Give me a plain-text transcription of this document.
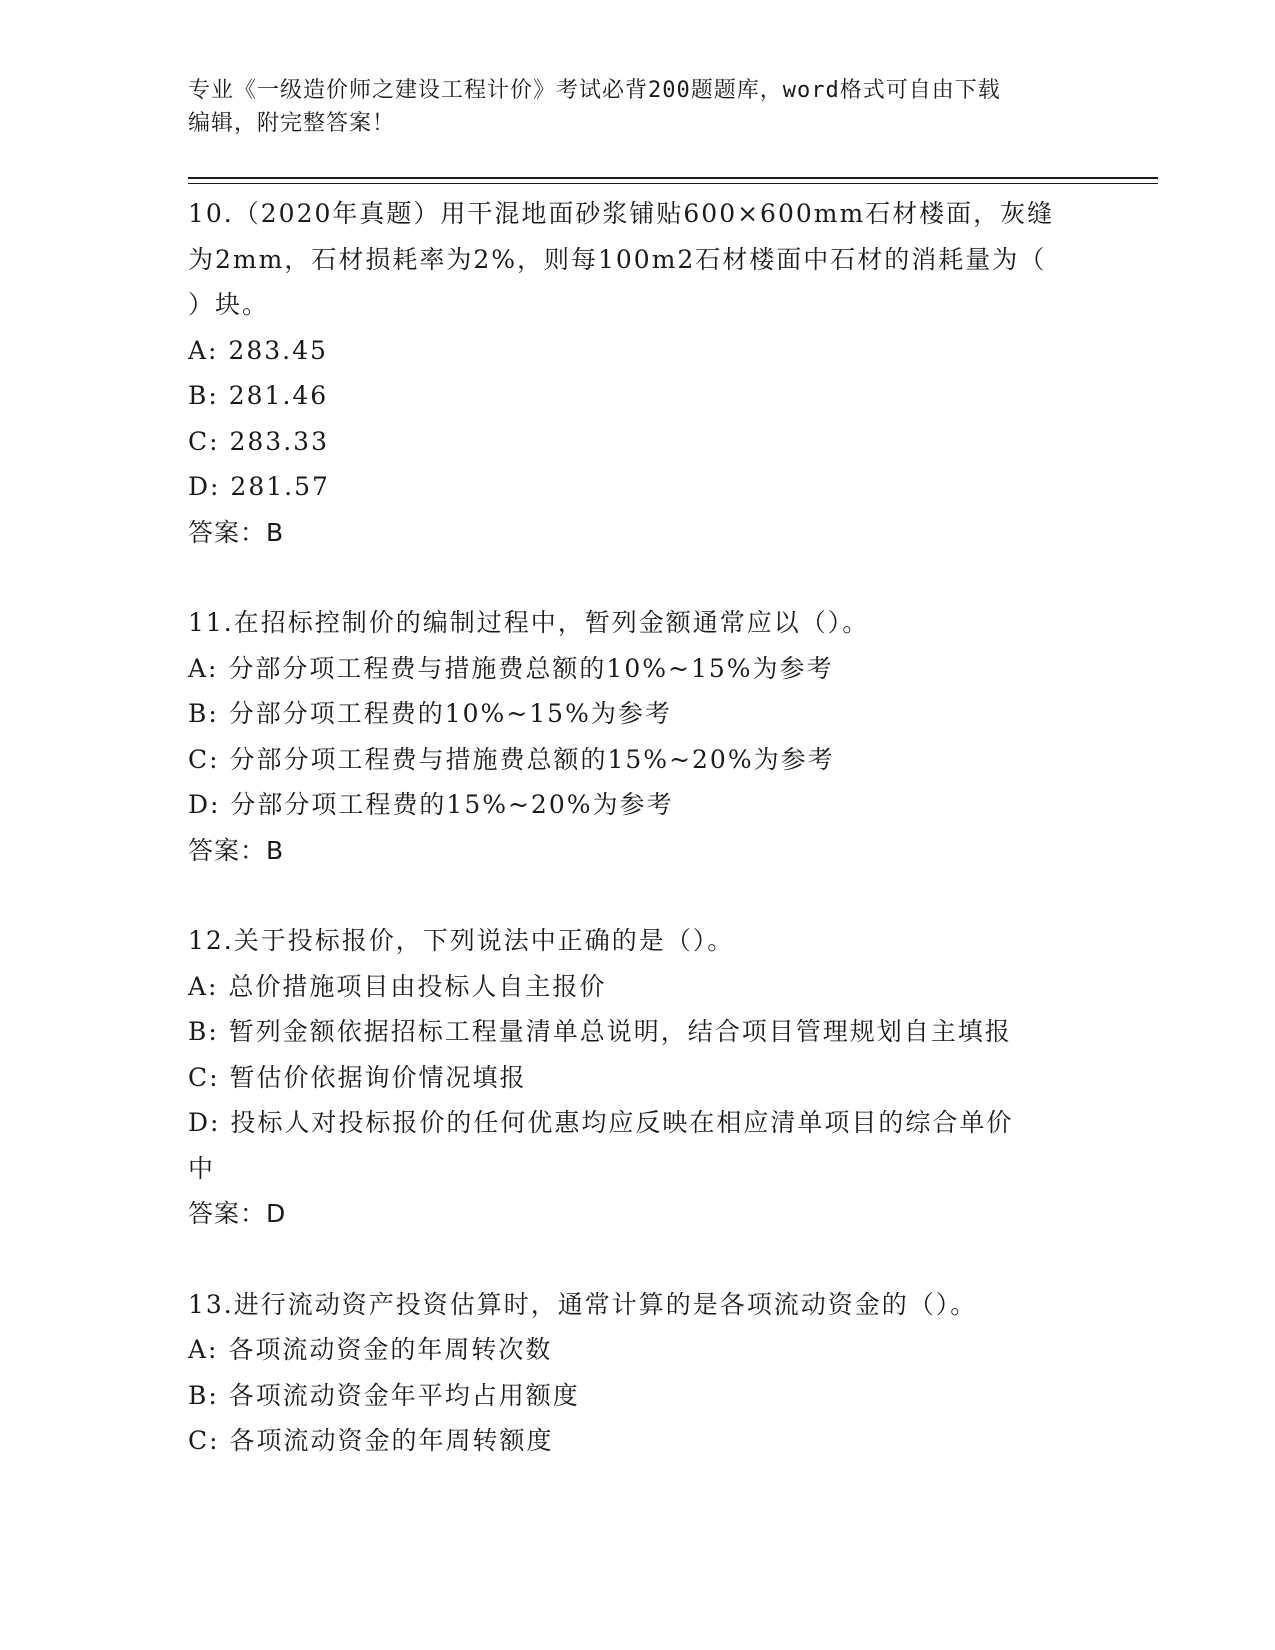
专业《一级造价师之建设工程计价》考试必背200题题库，word格式可自由下载
编辑，附完整答案！

10.（2020年真题）用干混地面砂浆铺贴600×600mm石材楼面，灰缝
为2mm，石材损耗率为2%，则每100m2石材楼面中石材的消耗量为（
）块。

A: 283.45
B: 281.46
C: 283.33
D: 281.57

答案：B

11.在招标控制价的编制过程中，暂列金额通常应以（）。

A: 分部分项工程费与措施费总额的10%~15%为参考
B: 分部分项工程费的10%~15%为参考
C: 分部分项工程费与措施费总额的15%~20%为参考
D: 分部分项工程费的15%~20%为参考

答案：B

12.关于投标报价，下列说法中正确的是（）。

A: 总价措施项目由投标人自主报价
B: 暂列金额依据招标工程量清单总说明，结合项目管理规划自主填报
C: 暂估价依据询价情况填报
D: 投标人对投标报价的任何优惠均应反映在相应清单项目的综合单价
中

答案：D

13.进行流动资产投资估算时，通常计算的是各项流动资金的（）。

A: 各项流动资金的年周转次数
B: 各项流动资金年平均占用额度
C: 各项流动资金的年周转额度
